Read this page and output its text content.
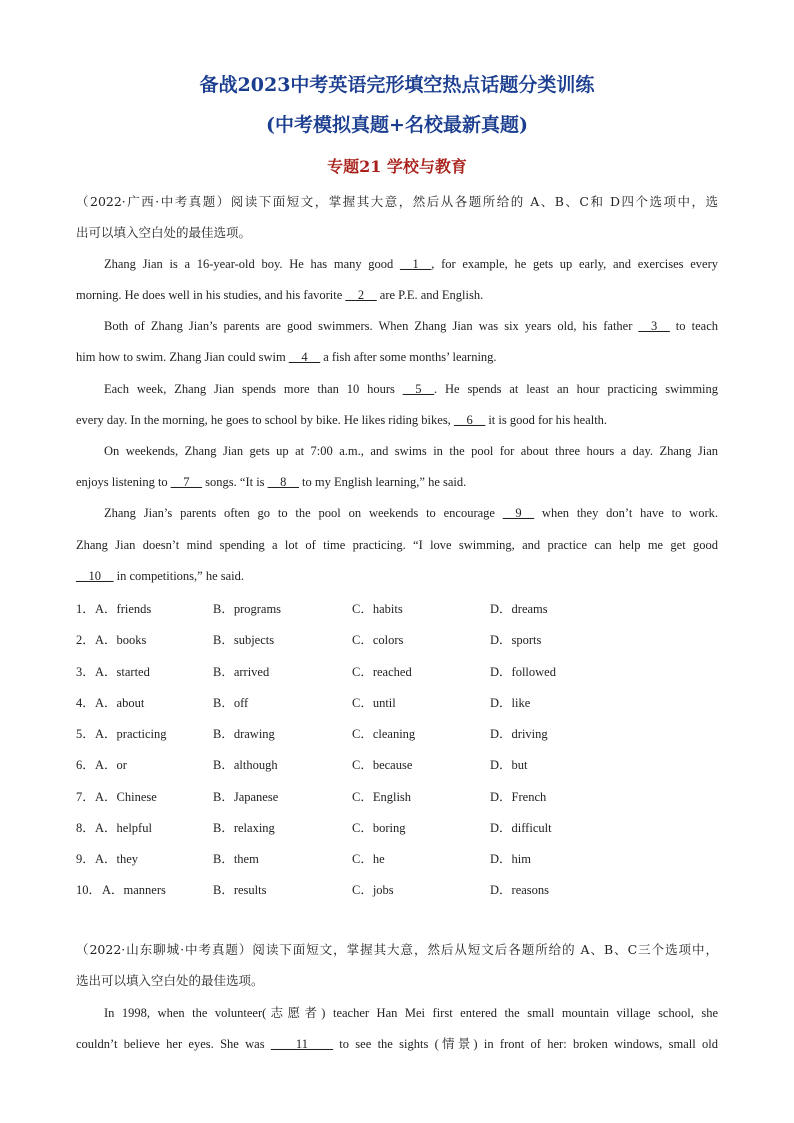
备战2023中考英语完形填空热点话题分类训练
(中考模拟真题+名校最新真题)
专题21 学校与教育
（2022·广西·中考真题）阅读下面短文，掌握其大意，然后从各题所给的 A、B、C和 D四个选项中，选
出可以填入空白处的最佳选项。
Zhang Jian is a 16-year-old boy. He has many good __1__, for example, he gets up early, and exercises every
morning. He does well in his studies, and his favorite __2__ are P.E. and English.
Both of Zhang Jian’s parents are good swimmers. When Zhang Jian was six years old, his father __3__ to teach
him how to swim. Zhang Jian could swim __4__ a fish after some months’ learning.
Each week, Zhang Jian spends more than 10 hours __5__. He spends at least an hour practicing swimming
every day. In the morning, he goes to school by bike. He likes riding bikes, __6__ it is good for his health.
On weekends, Zhang Jian gets up at 7:00 a.m., and swims in the pool for about three hours a day. Zhang Jian
enjoys listening to __7__ songs. “It is __8__ to my English learning,” he said.
Zhang Jian’s parents often go to the pool on weekends to encourage __9__ when they don’t have to work.
Zhang Jian doesn’t mind spending a lot of time practicing. “I love swimming, and practice can help me get good
__10__ in competitions,” he said.
1． A．friends	B．programs	C．habits	D．dreams
2． A．books	B．subjects	C．colors	D．sports
3． A．started	B．arrived	C．reached	D．followed
4． A．about	B．off	C．until	D．like
5． A．practicing	B．drawing	C．cleaning	D．driving
6． A．or	B．although	C．because	D．but
7． A．Chinese	B．Japanese	C．English	D．French
8． A．helpful	B．relaxing	C．boring	D．difficult
9． A．they	B．them	C．he	D．him
10． A．manners	B．results	C．jobs	D．reasons
（2022·山东聊城·中考真题）阅读下面短文，掌握其大意，然后从短文后各题所给的 A、B、C三个选项中，
选出可以填入空白处的最佳选项。
In 1998, when the volunteer(志愿者) teacher Han Mei first entered the small mountain village school, she
couldn’t believe her eyes. She was ____11____ to see the sights (情景) in front of her: broken windows, small old
